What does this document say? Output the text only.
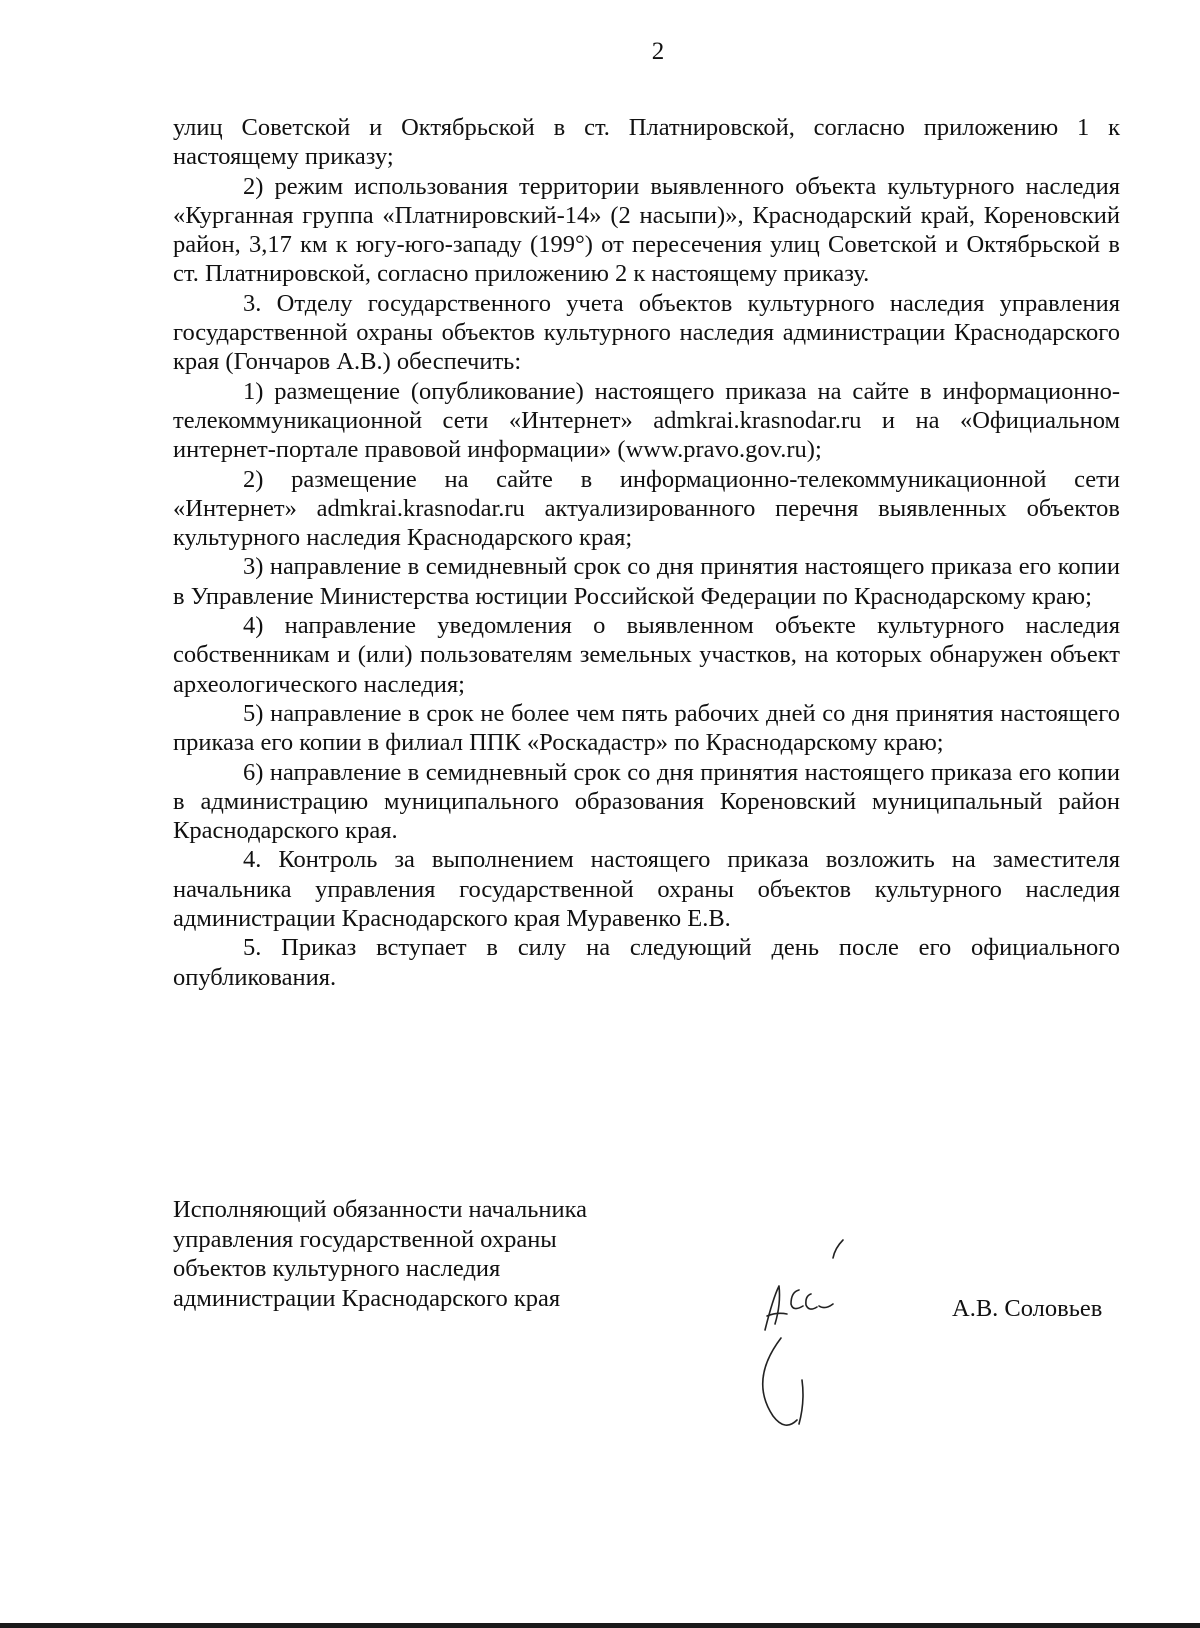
2

улиц Советской и Октябрьской в ст. Платнировской, согласно приложению 1 к настоящему приказу;

2) режим использования территории выявленного объекта культурного наследия «Курганная группа «Платнировский-14» (2 насыпи)», Краснодарский край, Кореновский район, 3,17 км к югу-юго-западу (199°) от пересечения улиц Советской и Октябрьской в ст. Платнировской, согласно приложению 2 к настоящему приказу.

3. Отделу государственного учета объектов культурного наследия управления государственной охраны объектов культурного наследия администрации Краснодарского края (Гончаров А.В.) обеспечить:

1) размещение (опубликование) настоящего приказа на сайте в информационно-телекоммуникационной сети «Интернет» admkrai.krasnodar.ru и на «Официальном интернет-портале правовой информации» (www.pravo.gov.ru);

2) размещение на сайте в информационно-телекоммуникационной сети «Интернет» admkrai.krasnodar.ru актуализированного перечня выявленных объектов культурного наследия Краснодарского края;

3) направление в семидневный срок со дня принятия настоящего приказа его копии в Управление Министерства юстиции Российской Федерации по Краснодарскому краю;

4) направление уведомления о выявленном объекте культурного наследия собственникам и (или) пользователям земельных участков, на которых обнаружен объект археологического наследия;

5) направление в срок не более чем пять рабочих дней со дня принятия настоящего приказа его копии в филиал ППК «Роскадастр» по Краснодарскому краю;

6) направление в семидневный срок со дня принятия настоящего приказа его копии в администрацию муниципального образования Кореновский муниципальный район Краснодарского края.

4. Контроль за выполнением настоящего приказа возложить на заместителя начальника управления государственной охраны объектов культурного наследия администрации Краснодарского края Муравенко Е.В.

5. Приказ вступает в силу на следующий день после его официального опубликования.

Исполняющий обязанности начальника
управления государственной охраны
объектов культурного наследия
администрации Краснодарского края	А.В. Соловьев
